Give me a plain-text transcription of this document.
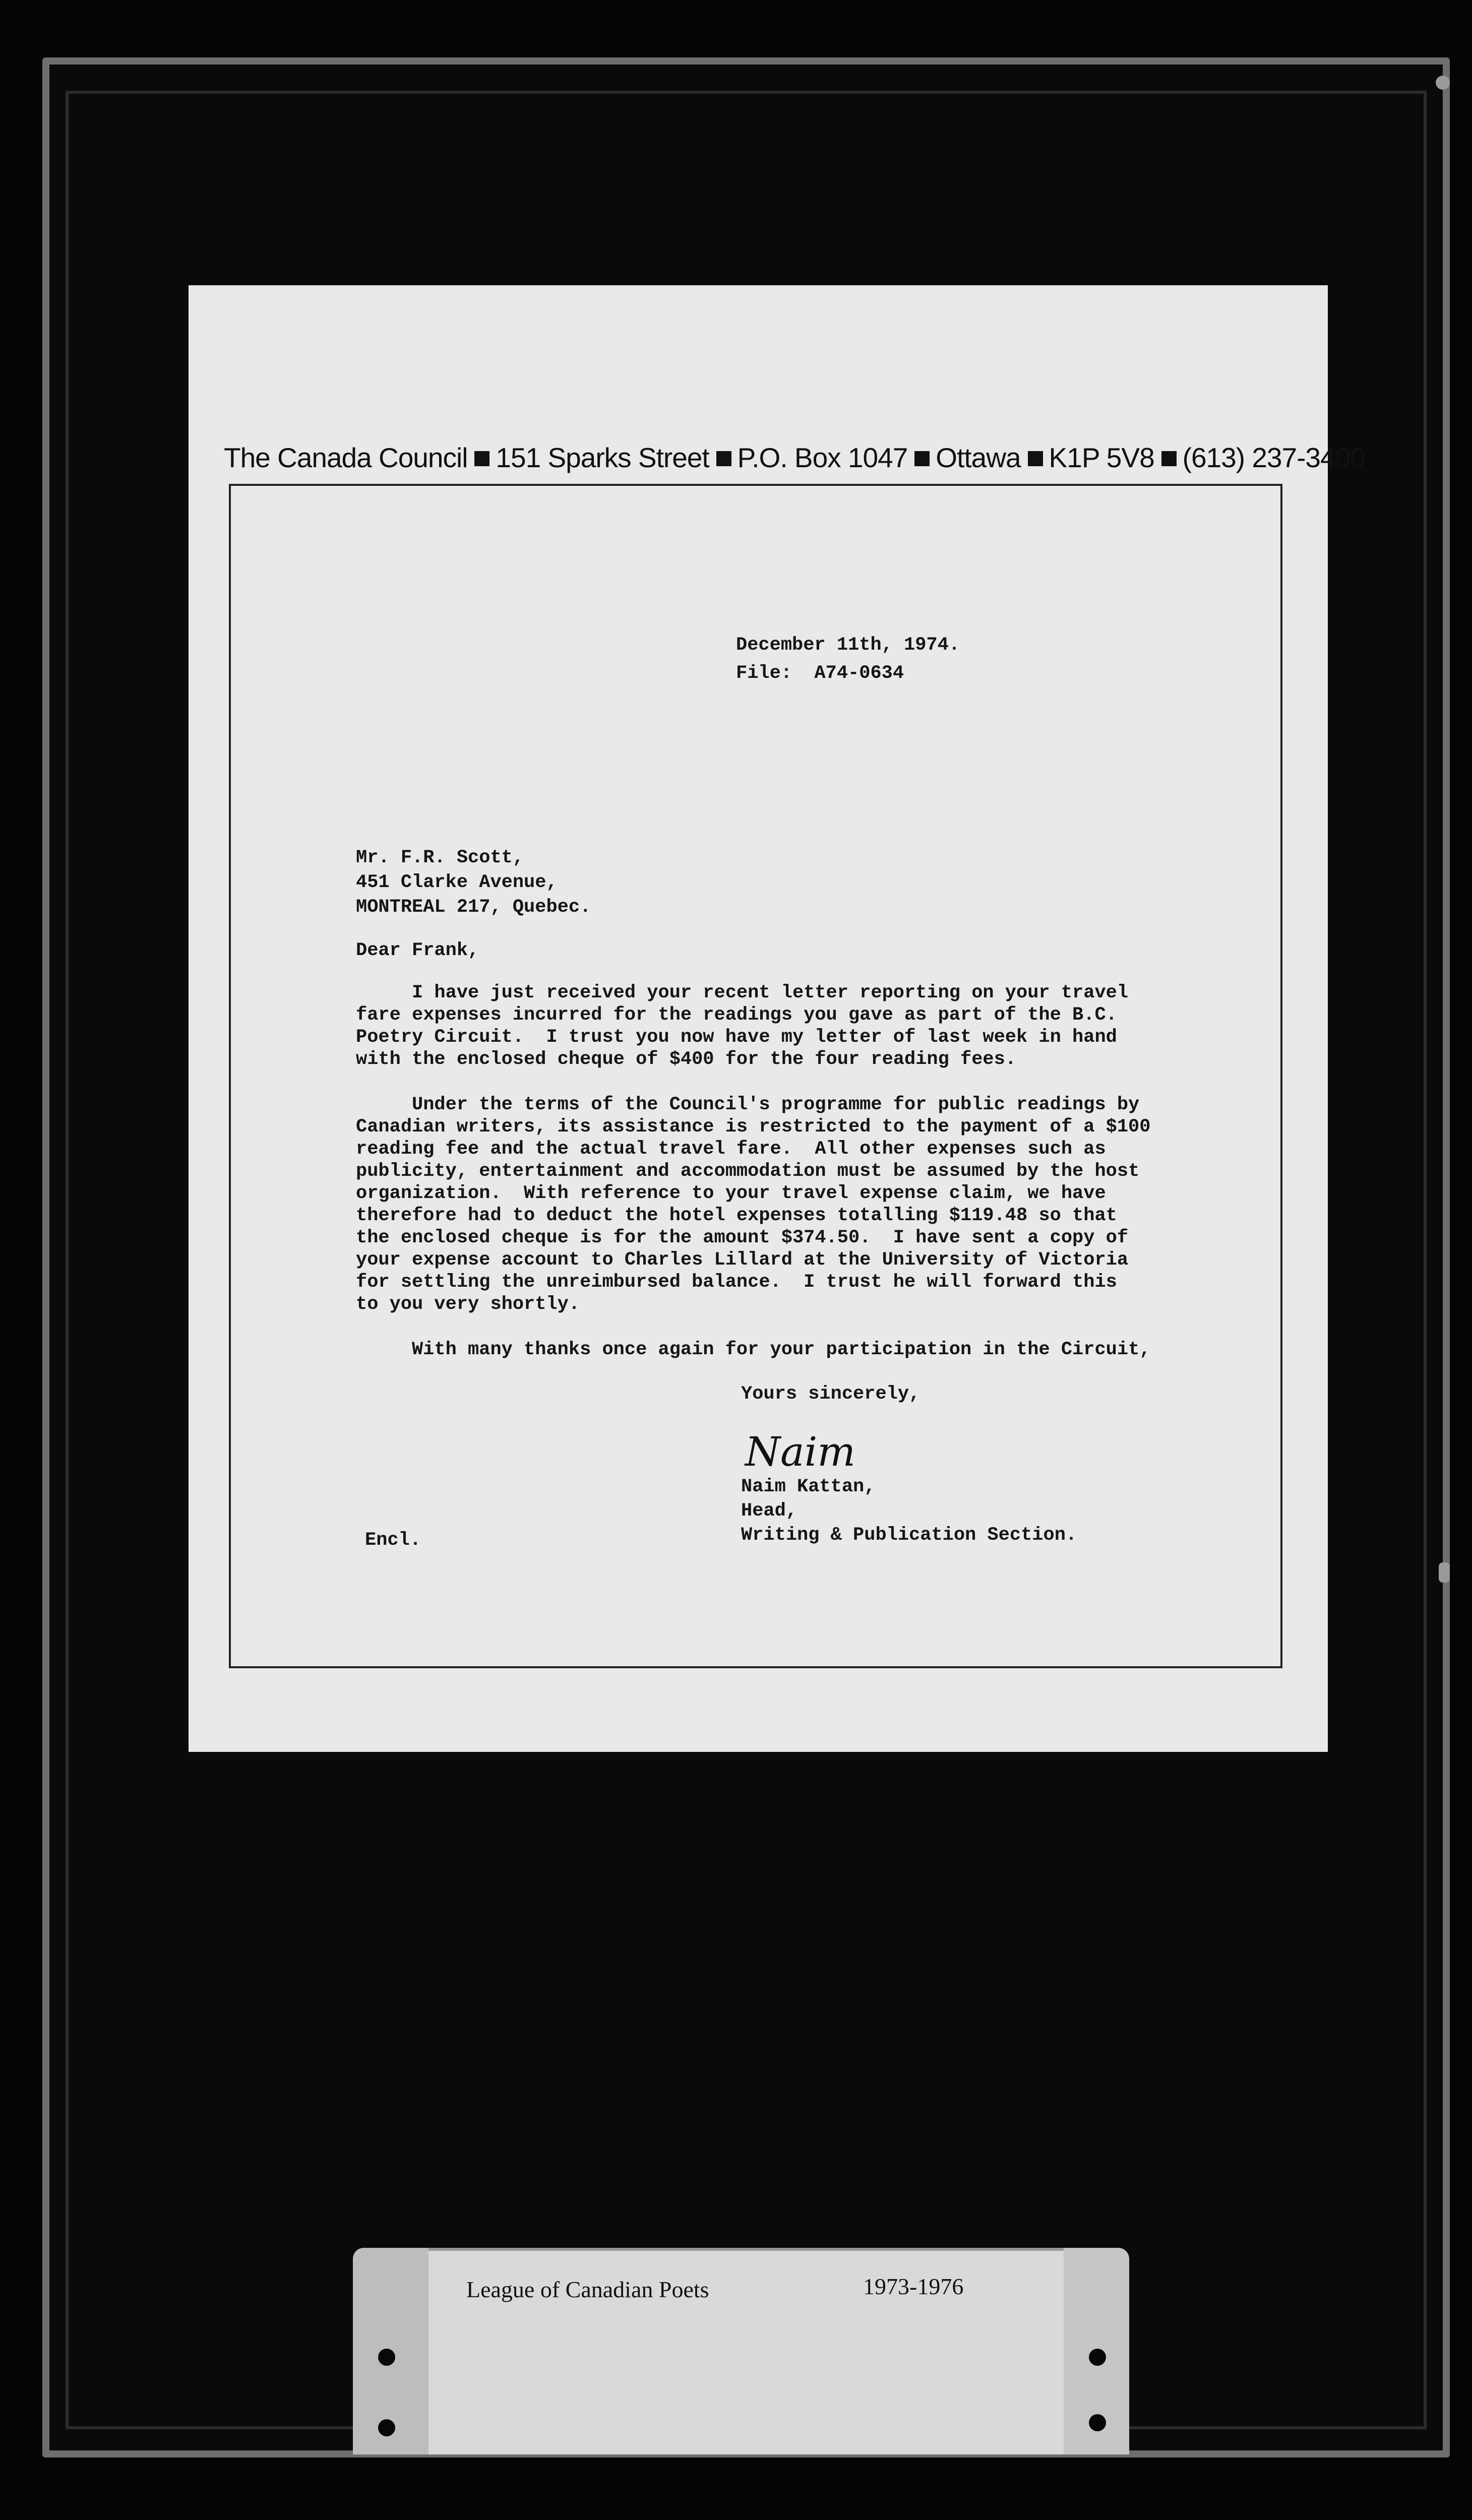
The Canada Council 151 Sparks Street P.O. Box 1047 Ottawa K1P 5V8 (613) 237-3400
December 11th, 1974.
File:  A74-0634
Mr. F.R. Scott,
451 Clarke Avenue,
MONTREAL 217, Quebec.
Dear Frank,
I have just received your recent letter reporting on your travel
fare expenses incurred for the readings you gave as part of the B.C.
Poetry Circuit.  I trust you now have my letter of last week in hand
with the enclosed cheque of $400 for the four reading fees.
Under the terms of the Council's programme for public readings by
Canadian writers, its assistance is restricted to the payment of a $100
reading fee and the actual travel fare.  All other expenses such as
publicity, entertainment and accommodation must be assumed by the host
organization.  With reference to your travel expense claim, we have
therefore had to deduct the hotel expenses totalling $119.48 so that
the enclosed cheque is for the amount $374.50.  I have sent a copy of
your expense account to Charles Lillard at the University of Victoria
for settling the unreimbursed balance.  I trust he will forward this
to you very shortly.
With many thanks once again for your participation in the Circuit,
Yours sincerely,
Naim
Naim Kattan,
Head,
Writing & Publication Section.
Encl.
League of Canadian Poets	1973-1976
